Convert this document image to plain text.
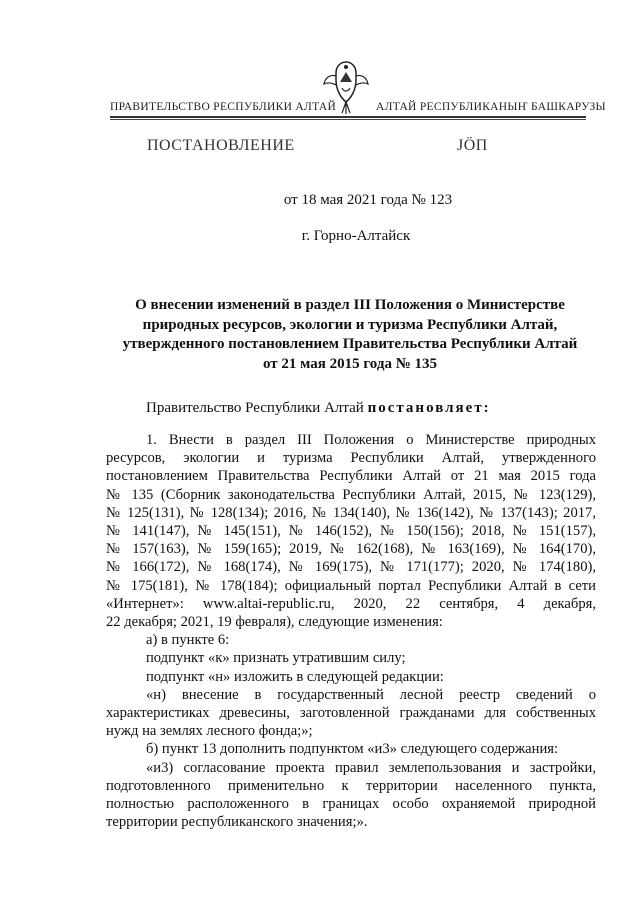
ПРАВИТЕЛЬСТВО РЕСПУБЛИКИ АЛТАЙ	АЛТАЙ РЕСПУБЛИКАНЫҤ БАШКАРУЗЫ
ПОСТАНОВЛЕНИЕ	ЈӦП
от 18 мая 2021 года № 123
г. Горно-Алтайск
О внесении изменений в раздел III Положения о Министерстве
природных ресурсов, экологии и туризма Республики Алтай,
утвержденного постановлением Правительства Республики Алтай
от 21 мая 2015 года № 135
Правительство Республики Алтай постановляет:
1. Внести в раздел III Положения о Министерстве природных
ресурсов, экологии и туризма Республики Алтай, утвержденного
постановлением Правительства Республики Алтай от 21 мая 2015 года
№ 135 (Сборник законодательства Республики Алтай, 2015, № 123(129),
№ 125(131), № 128(134); 2016, № 134(140), № 136(142), № 137(143); 2017,
№ 141(147), № 145(151), № 146(152), № 150(156); 2018, № 151(157),
№ 157(163), № 159(165); 2019, № 162(168), № 163(169), № 164(170),
№ 166(172), № 168(174), № 169(175), № 171(177); 2020, № 174(180),
№ 175(181), № 178(184); официальный портал Республики Алтай в сети
«Интернет»: www.altai-republic.ru, 2020, 22 сентября, 4 декабря,
22 декабря; 2021, 19 февраля), следующие изменения:
а) в пункте 6:
подпункт «к» признать утратившим силу;
подпункт «н» изложить в следующей редакции:
«н) внесение в государственный лесной реестр сведений о
характеристиках древесины, заготовленной гражданами для собственных
нужд на землях лесного фонда;»;
б) пункт 13 дополнить подпунктом «и3» следующего содержания:
«и3) согласование проекта правил землепользования и застройки,
подготовленного применительно к территории населенного пункта,
полностью расположенного в границах особо охраняемой природной
территории республиканского значения;».
